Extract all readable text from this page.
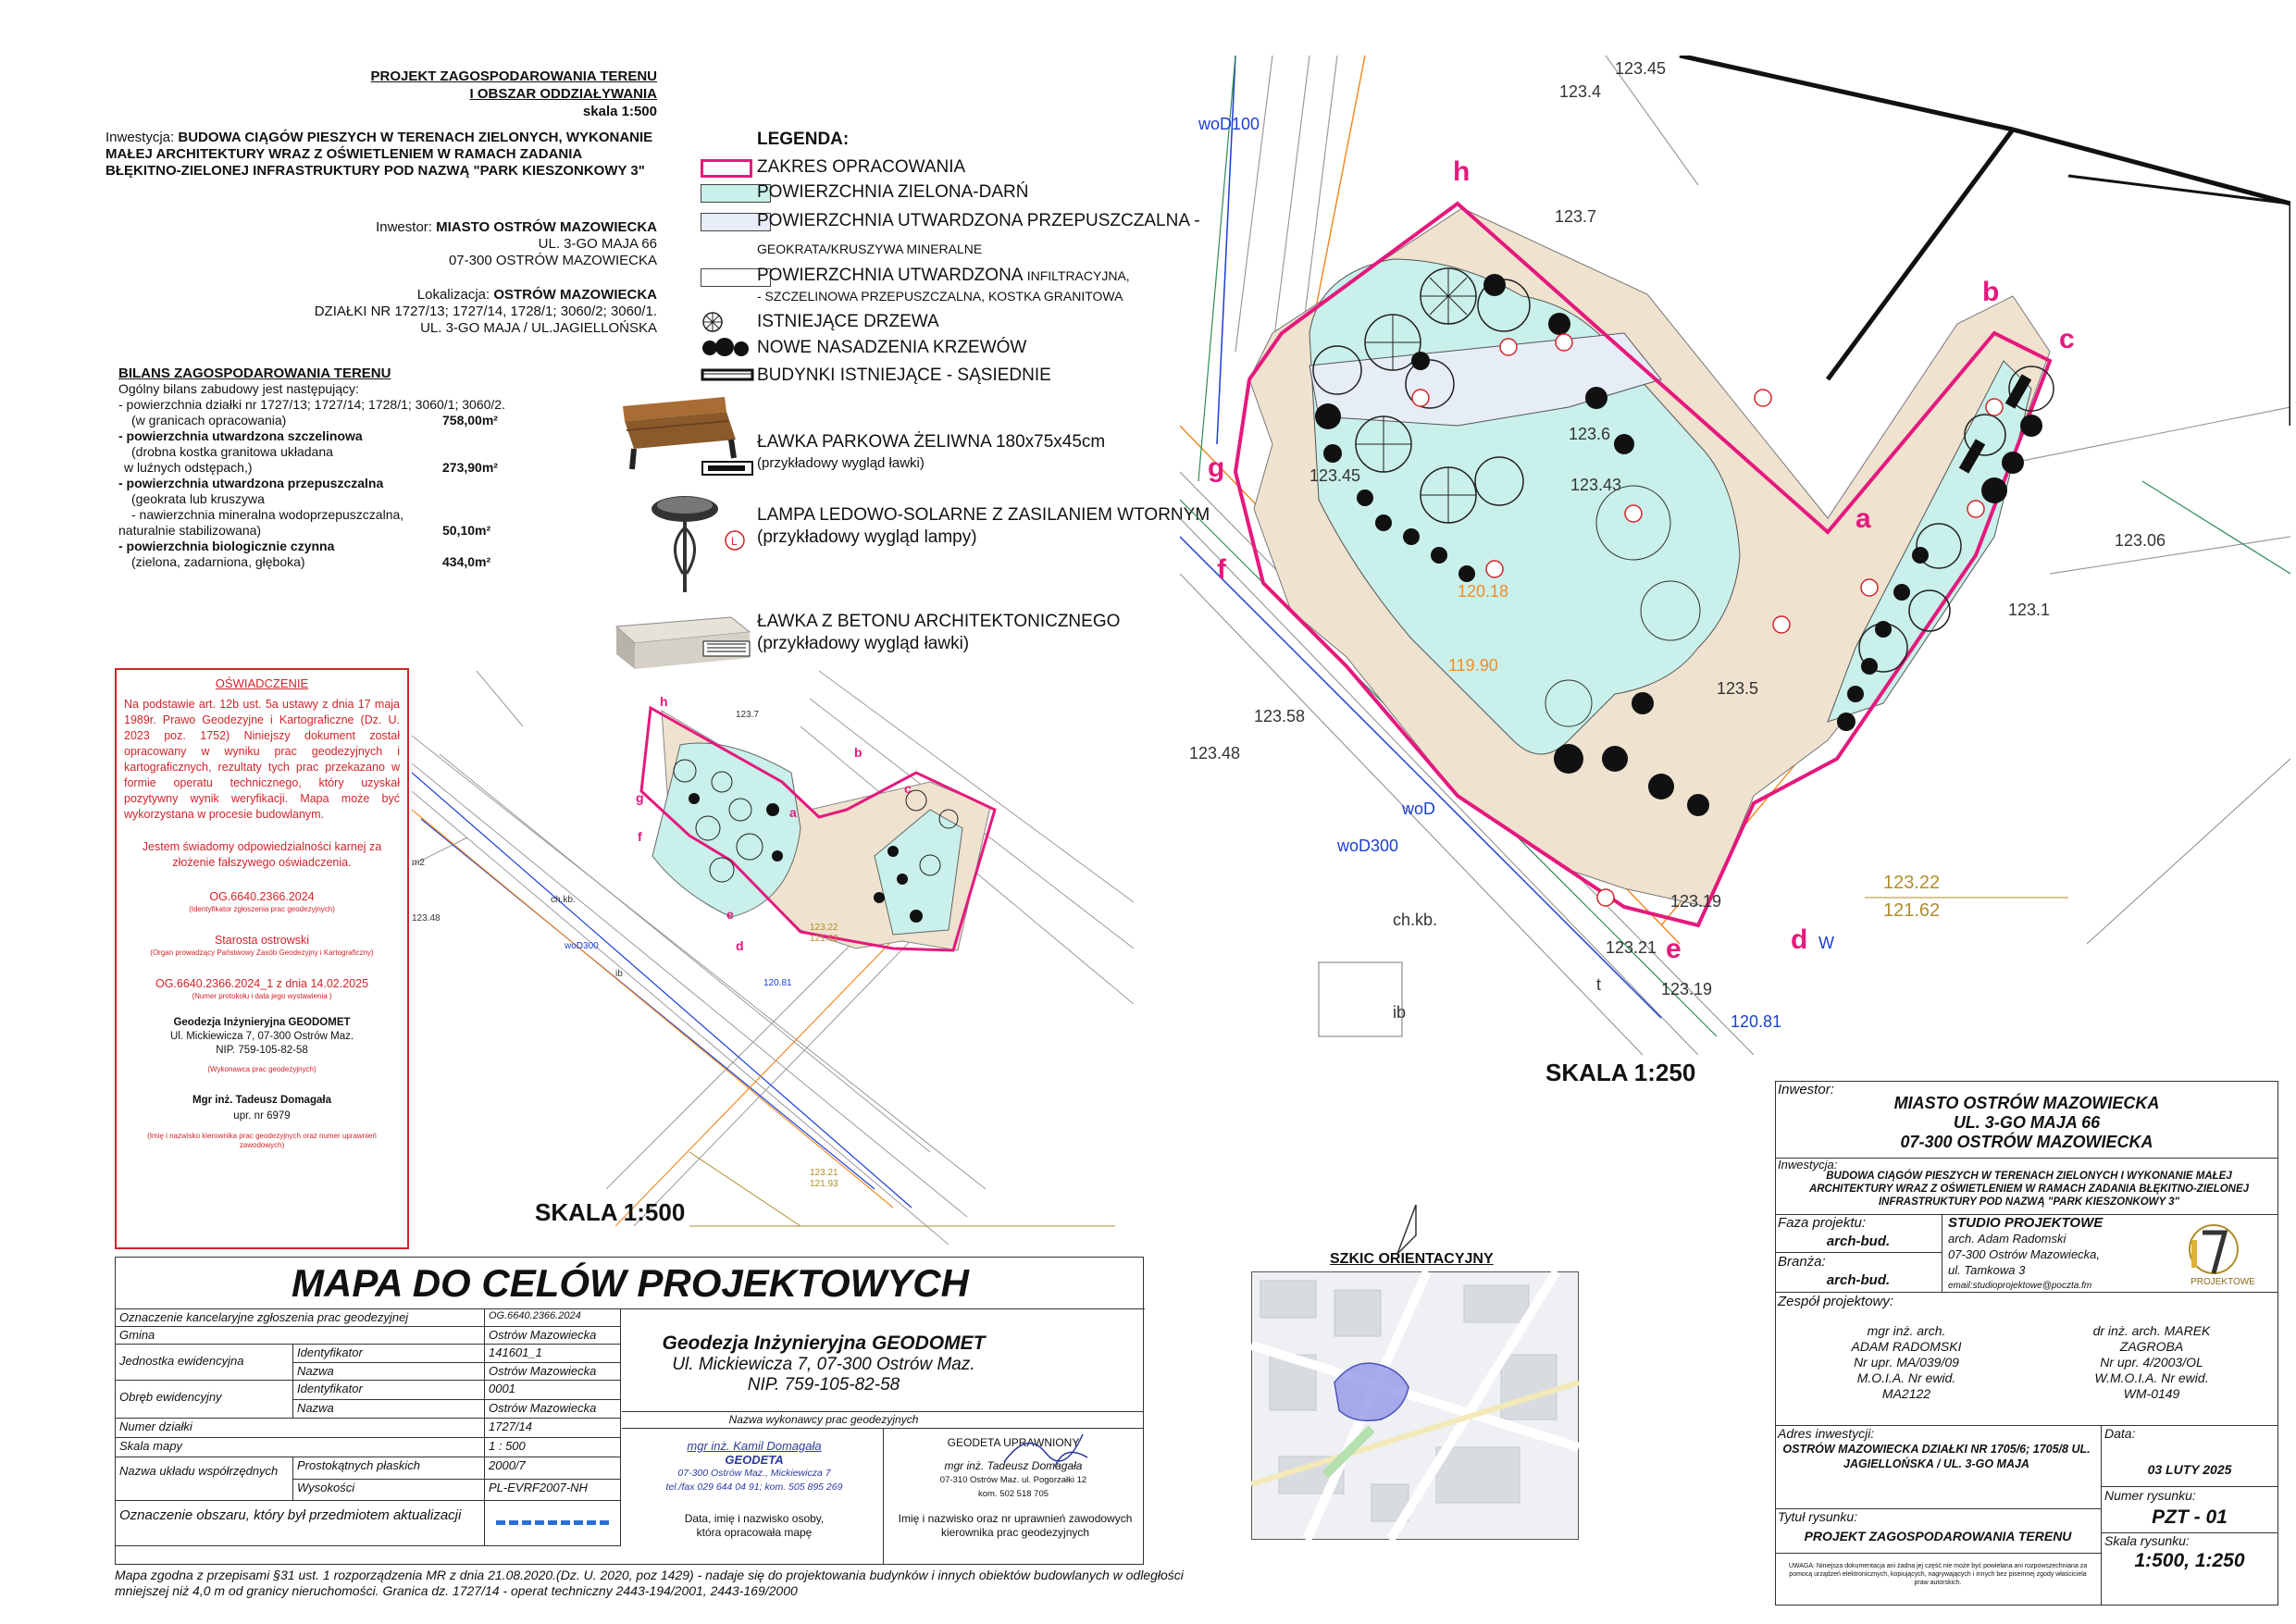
PROJEKT ZAGOSPODAROWANIA TERENU
I OBSZAR ODDZIAŁYWANIA
skala 1:500
Inwestycja: BUDOWA CIĄGÓW PIESZYCH W TERENACH ZIELONYCH, WYKONANIE MAŁEJ ARCHITEKTURY WRAZ Z OŚWIETLENIEM W RAMACH ZADANIA BŁĘKITNO-ZIELONEJ INFRASTRUKTURY POD NAZWĄ "PARK KIESZONKOWY 3"
Inwestor: MIASTO OSTRÓW MAZOWIECKA
UL. 3-GO MAJA 66
07-300 OSTRÓW MAZOWIECKA
Lokalizacja: OSTRÓW MAZOWIECKA
DZIAŁKI NR 1727/13; 1727/14, 1728/1; 3060/2; 3060/1.
UL. 3-GO MAJA / UL.JAGIELLOŃSKA
BILANS ZAGOSPODAROWANIA TERENU
Ogólny bilans zabudowy jest następujący:
- powierzchnia działki nr 1727/13; 1727/14; 1728/1; 3060/1; 3060/2.
(w granicach opracowania)	758,00m²
- powierzchnia utwardzona szczelinowa
(drobna kostka granitowa układana
w luźnych odstępach,)	273,90m²
- powierzchnia utwardzona przepuszczalna
(geokrata lub kruszywa
- nawierzchnia mineralna wodoprzepuszczalna,
naturalnie stabilizowana)	50,10m²
- powierzchnia biologicznie czynna
(zielona, zadarniona, głęboka)	434,0m²
LEGENDA:
ZAKRES OPRACOWANIA
POWIERZCHNIA ZIELONA-DARŃ
POWIERZCHNIA UTWARDZONA PRZEPUSZCZALNA -
GEOKRATA/KRUSZYWA MINERALNE
POWIERZCHNIA UTWARDZONA INFILTRACYJNA,
- SZCZELINOWA PRZEPUSZCZALNA, KOSTKA GRANITOWA
ISTNIEJĄCE DRZEWA
NOWE NASADZENIA KRZEWÓW
BUDYNKI ISTNIEJĄCE - SĄSIEDNIE
ŁAWKA PARKOWA ŻELIWNA 180x75x45cm
(przykładowy wygląd ławki)
L
LAMPA LEDOWO-SOLARNE Z ZASILANIEM WTORNYM
(przykładowy wygląd lampy)
ŁAWKA Z BETONU ARCHITEKTONICZNEGO
(przykładowy wygląd ławki)
OŚWIADCZENIE
Na podstawie art. 12b ust. 5a ustawy z dnia 17 maja 1989r. Prawo Geodezyjne i Kartograficzne (Dz. U. 2023 poz. 1752) Niniejszy dokument został opracowany w wyniku prac geodezyjnych i kartograficznych, rezultaty tych prac przekazano w formie operatu technicznego, który uzyskał pozytywny wynik weryfikacji. Mapa może być wykorzystana w procesie budowlanym.
Jestem świadomy odpowiedzialności karnej za złożenie fałszywego oświadczenia.
OG.6640.2366.2024
(Identyfikator zgłoszenia prac geodezyjnych)
Starosta ostrowski
(Organ prowadzący Państwowy Zasób Geodezyjny i Kartograficzny)
OG.6640.2366.2024_1 z dnia 14.02.2025
(Numer protokołu i data jego wystawienia )
Geodezja Inżynieryjna GEODOMET
Ul. Mickiewicza 7, 07-300 Ostrów Maz.
NIP. 759-105-82-58
(Wykonawca prac geodezyjnych)
Mgr inż. Tadeusz Domagała
upr. nr 6979
(Imię i nazwisko kierownika prac geodezyjnych oraz numer uprawnień zawodowych)
h
b
c
a
g
f
e
d
m2
ch.kb.
ib
123.48
123.7
woD300
120.81
123.22
121.62
123.21
121.93
SKALA 1:500
h
b
c
a
g
f
e	d
123.7
123.6
123.43
123.5
123.45
123.58
123.48
123.19
123.19
123.21
123.06
123.1
123.45
123.4
119.90
120.18
woD100
woD
woD300
120.81
W
ch.kb.
ib
t
123.22
121.62
SKALA 1:250
MAPA DO CELÓW PROJEKTOWYCH
Oznaczenie kancelaryjne zgłoszenia prac geodezyjnej	OG.6640.2366.2024
Gmina	Ostrów Mazowiecka
Jednostka ewidencyjna
Identyfikator	141601_1
Nazwa	Ostrów Mazowiecka
Obręb ewidencyjny
Identyfikator	0001
Nazwa	Ostrów Mazowiecka
Numer działki	1727/14
Skala mapy	1 : 500
Nazwa układu współrzędnych	Prostokątnych płaskich	2000/7
Wysokości	PL-EVRF2007-NH
Oznaczenie obszaru, który był przedmiotem aktualizacji
Geodezja Inżynieryjna GEODOMET
Ul. Mickiewicza 7, 07-300 Ostrów Maz.
NIP. 759-105-82-58
Nazwa wykonawcy prac geodezyjnych
mgr inż. Kamil Domagała
GEODETA
07-300 Ostrów Maz., Mickiewicza 7
tel./fax 029 644 04 91; kom. 505 895 269
Data, imię i nazwisko osoby,
która opracowała mapę
GEODETA UPRAWNIONY
mgr inż. Tadeusz Domagała
07-310 Ostrów Maz. ul. Pogorzałki 12
kom. 502 518 705
Imię i nazwisko oraz nr uprawnień zawodowych
kierownika prac geodezyjnych
Mapa zgodna z przepisami §31 ust. 1 rozporządzenia MR z dnia 21.08.2020.(Dz. U. 2020, poz 1429) - nadaje się do projektowania budynków i innych obiektów budowlanych w odległości mniejszej niż 4,0 m od granicy nieruchomości. Granica dz. 1727/14 - operat techniczny 2443-194/2001, 2443-169/2000
SZKIC ORIENTACYJNY
Inwestor:
MIASTO OSTRÓW MAZOWIECKA
UL. 3-GO MAJA 66
07-300 OSTRÓW MAZOWIECKA
Inwestycja:
BUDOWA CIĄGÓW PIESZYCH W TERENACH ZIELONYCH I WYKONANIE MAŁEJ ARCHITEKTURY WRAZ Z OŚWIETLENIEM W RAMACH ZADANIA BŁĘKITNO-ZIELONEJ INFRASTRUKTURY POD NAZWĄ "PARK KIESZONKOWY 3"
Faza projektu:
arch-bud.
Branża:
arch-bud.
STUDIO PROJEKTOWE
arch. Adam Radomski
07-300 Ostrów Mazowiecka,
ul. Tamkowa 3
email:studioprojektowe@poczta.fm	PROJEKTOWE
Zespół projektowy:
mgr inż. arch.
ADAM RADOMSKI
Nr upr. MA/039/09
M.O.I.A. Nr ewid.
MA2122
dr inż. arch. MAREK
ZAGROBA
Nr upr. 4/2003/OL
W.M.O.I.A. Nr ewid.
WM-0149
Adres inwestycji:
OSTRÓW MAZOWIECKA DZIAŁKI NR 1705/6; 1705/8 UL. JAGIELLOŃSKA / UL. 3-GO MAJA
Data:
03 LUTY 2025
Numer rysunku:
PZT - 01
Tytuł rysunku:
PROJEKT ZAGOSPODAROWANIA TERENU	Skala rysunku:
1:500, 1:250
UWAGA: Niniejsza dokumentacja ani żadna jej część nie może być powielana ani rozpowszechniana za pomocą urządzeń elektronicznych, kopiujących, nagrywających i innych bez pisemnej zgody właściciela praw autorskich.
